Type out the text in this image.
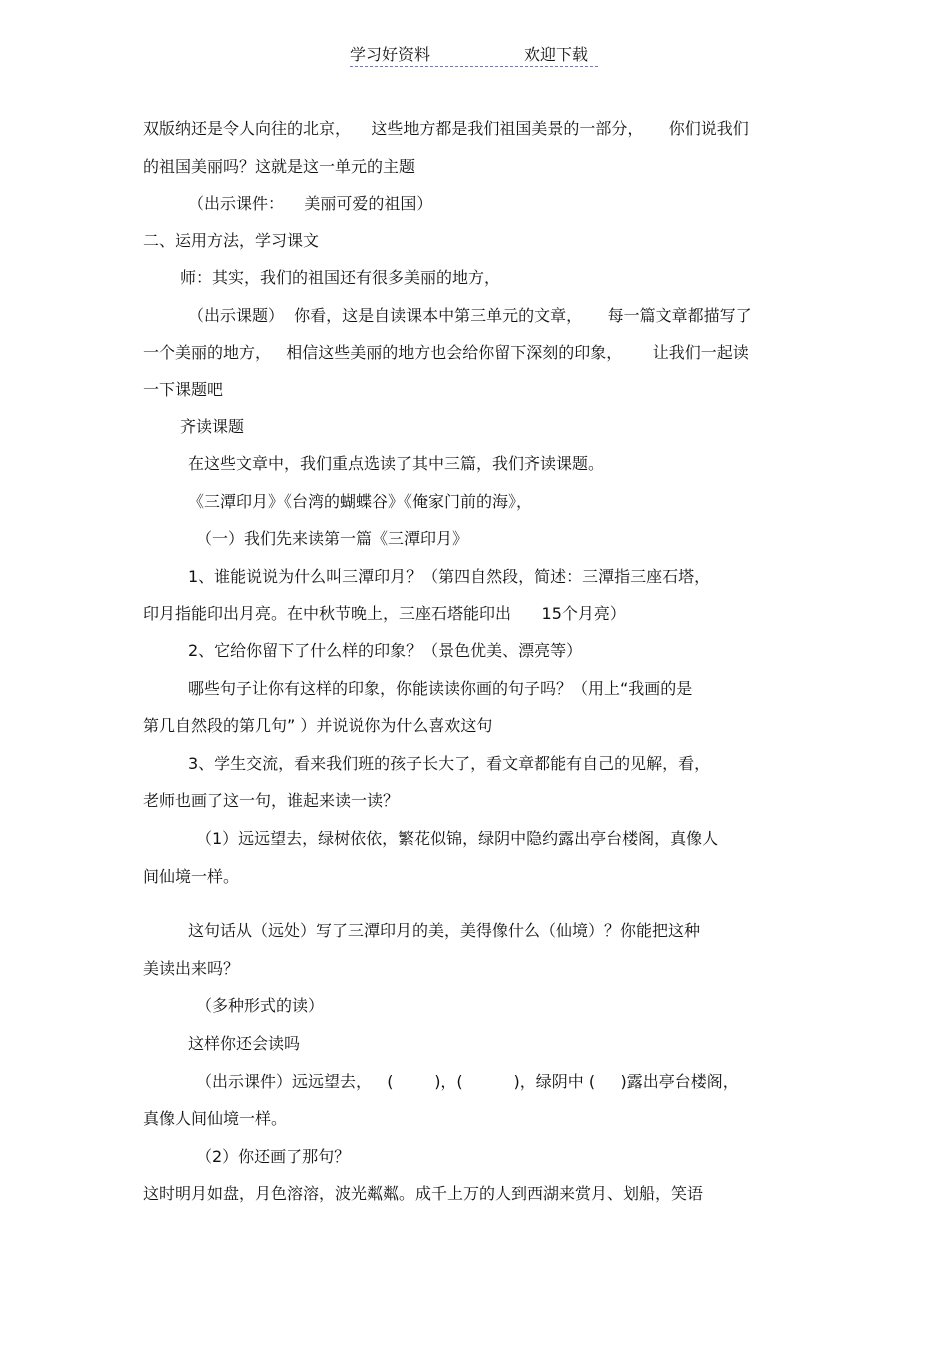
学习好资料	欢迎下载
双版纳还是令人向往的北京，    这些地方都是我们祖国美景的一部分，     你们说我们
的祖国美丽吗？这就是这一单元的主题
（出示课件：    美丽可爱的祖国）
二、运用方法，学习课文
师：其实，我们的祖国还有很多美丽的地方，
（出示课题）  你看，这是自读课本中第三单元的文章，     每一篇文章都描写了
一个美丽的地方，   相信这些美丽的地方也会给你留下深刻的印象，      让我们一起读
一下课题吧
齐读课题
在这些文章中，我们重点选读了其中三篇，我们齐读课题。
《三潭印月》《台湾的蝴蝶谷》《俺家门前的海》，
（一）我们先来读第一篇《三潭印月》
1、谁能说说为什么叫三潭印月？（第四自然段，简述：三潭指三座石塔，
印月指能印出月亮。在中秋节晚上，三座石塔能印出      15个月亮）
2、它给你留下了什么样的印象？（景色优美、漂亮等）
哪些句子让你有这样的印象，你能读读你画的句子吗？（用上“我画的是
第几自然段的第几句” ）并说说你为什么喜欢这句
3、学生交流，看来我们班的孩子长大了，看文章都能有自己的见解，看，
老师也画了这一句，谁起来读一读？
（1）远远望去，绿树依依，繁花似锦，绿阴中隐约露出亭台楼阁，真像人
间仙境一样。
这句话从（远处）写了三潭印月的美，美得像什么（仙境）？你能把这种
美读出来吗？
（多种形式的读）
这样你还会读吗
（出示课件）远远望去，   (        )，(          )，绿阴中 (     )露出亭台楼阁，
真像人间仙境一样。
（2）你还画了那句？
这时明月如盘，月色溶溶，波光粼粼。成千上万的人到西湖来赏月、划船，笑语
